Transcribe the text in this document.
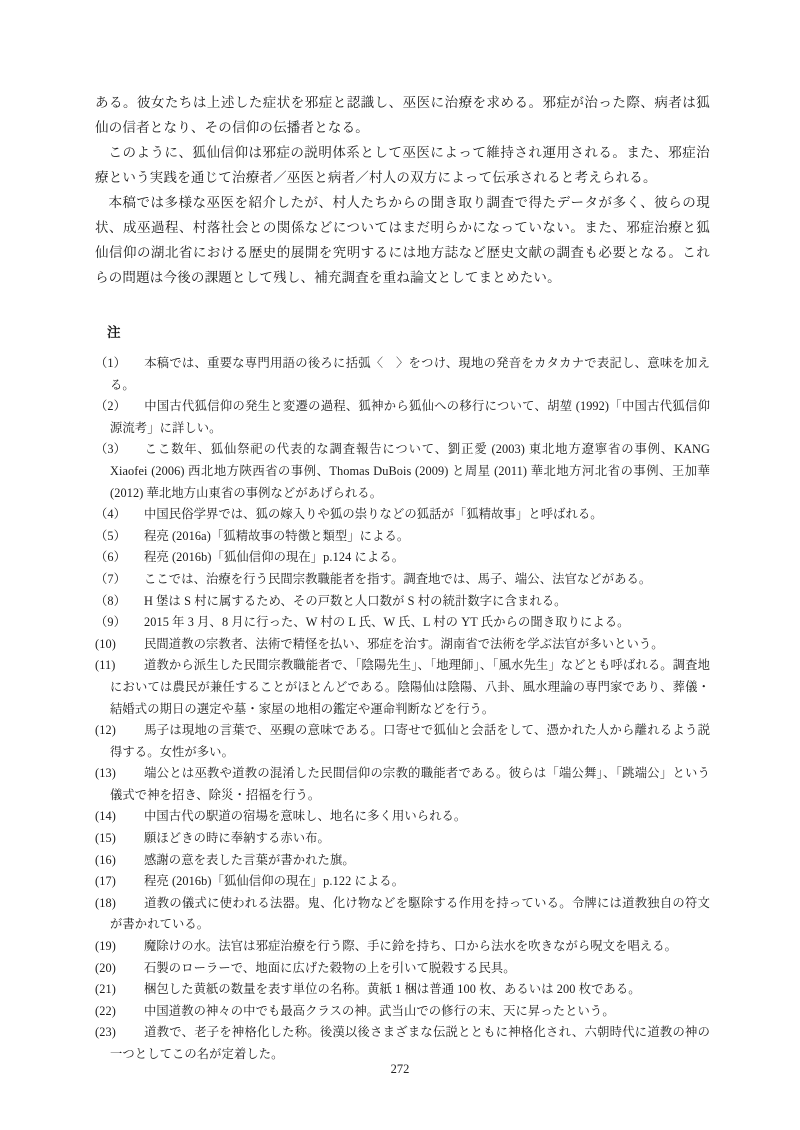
ある。彼女たちは上述した症状を邪症と認識し、巫医に治療を求める。邪症が治った際、病者は狐仙の信者となり、その信仰の伝播者となる。

このように、狐仙信仰は邪症の説明体系として巫医によって維持され運用される。また、邪症治療という実践を通じて治療者／巫医と病者／村人の双方によって伝承されると考えられる。

本稿では多様な巫医を紹介したが、村人たちからの聞き取り調査で得たデータが多く、彼らの現状、成巫過程、村落社会との関係などについてはまだ明らかになっていない。また、邪症治療と狐仙信仰の湖北省における歴史的展開を究明するには地方誌など歴史文献の調査も必要となる。これらの問題は今後の課題として残し、補充調査を重ね論文としてまとめたい。

注
（1） 本稿では、重要な専門用語の後ろに括弧〈　〉をつけ、現地の発音をカタカナで表記し、意味を加える。
（2） 中国古代狐信仰の発生と変遷の過程、狐神から狐仙への移行について、胡堃 (1992)「中国古代狐信仰源流考」に詳しい。
（3） ここ数年、狐仙祭祀の代表的な調査報告について、劉正愛 (2003) 東北地方遼寧省の事例、KANG Xiaofei (2006) 西北地方陝西省の事例、Thomas DuBois (2009) と周星 (2011) 華北地方河北省の事例、王加華 (2012) 華北地方山東省の事例などがあげられる。
（4） 中国民俗学界では、狐の嫁入りや狐の祟りなどの狐話が「狐精故事」と呼ばれる。
（5） 程亮 (2016a)「狐精故事の特徴と類型」による。
（6） 程亮 (2016b)「狐仙信仰の現在」p.124 による。
（7） ここでは、治療を行う民間宗教職能者を指す。調査地では、馬子、端公、法官などがある。
（8） H 堡は S 村に属するため、その戸数と人口数が S 村の統計数字に含まれる。
（9） 2015 年 3 月、8 月に行った、W 村の L 氏、W 氏、L 村の YT 氏からの聞き取りによる。
(10) 民間道教の宗教者、法術で精怪を払い、邪症を治す。湖南省で法術を学ぶ法官が多いという。
(11) 道教から派生した民間宗教職能者で、「陰陽先生」、「地理師」、「風水先生」などとも呼ばれる。調査地においては農民が兼任することがほとんどである。陰陽仙は陰陽、八卦、風水理論の専門家であり、葬儀・結婚式の期日の選定や墓・家屋の地相の鑑定や運命判断などを行う。
(12) 馬子は現地の言葉で、巫覡の意味である。口寄せで狐仙と会話をして、憑かれた人から離れるよう説得する。女性が多い。
(13) 端公とは巫教や道教の混淆した民間信仰の宗教的職能者である。彼らは「端公舞」、「跳端公」という儀式で神を招き、除災・招福を行う。
(14) 中国古代の駅道の宿場を意味し、地名に多く用いられる。
(15) 願ほどきの時に奉納する赤い布。
(16) 感謝の意を表した言葉が書かれた旗。
(17) 程亮 (2016b)「狐仙信仰の現在」p.122 による。
(18) 道教の儀式に使われる法器。鬼、化け物などを駆除する作用を持っている。令牌には道教独自の符文が書かれている。
(19) 魔除けの水。法官は邪症治療を行う際、手に鈴を持ち、口から法水を吹きながら呪文を唱える。
(20) 石製のローラーで、地面に広げた穀物の上を引いて脱穀する民具。
(21) 梱包した黄紙の数量を表す単位の名称。黄紙 1 梱は普通 100 枚、あるいは 200 枚である。
(22) 中国道教の神々の中でも最高クラスの神。武当山での修行の末、天に昇ったという。
(23) 道教で、老子を神格化した称。後漢以後さまざまな伝説とともに神格化され、六朝時代に道教の神の一つとしてこの名が定着した。
272
